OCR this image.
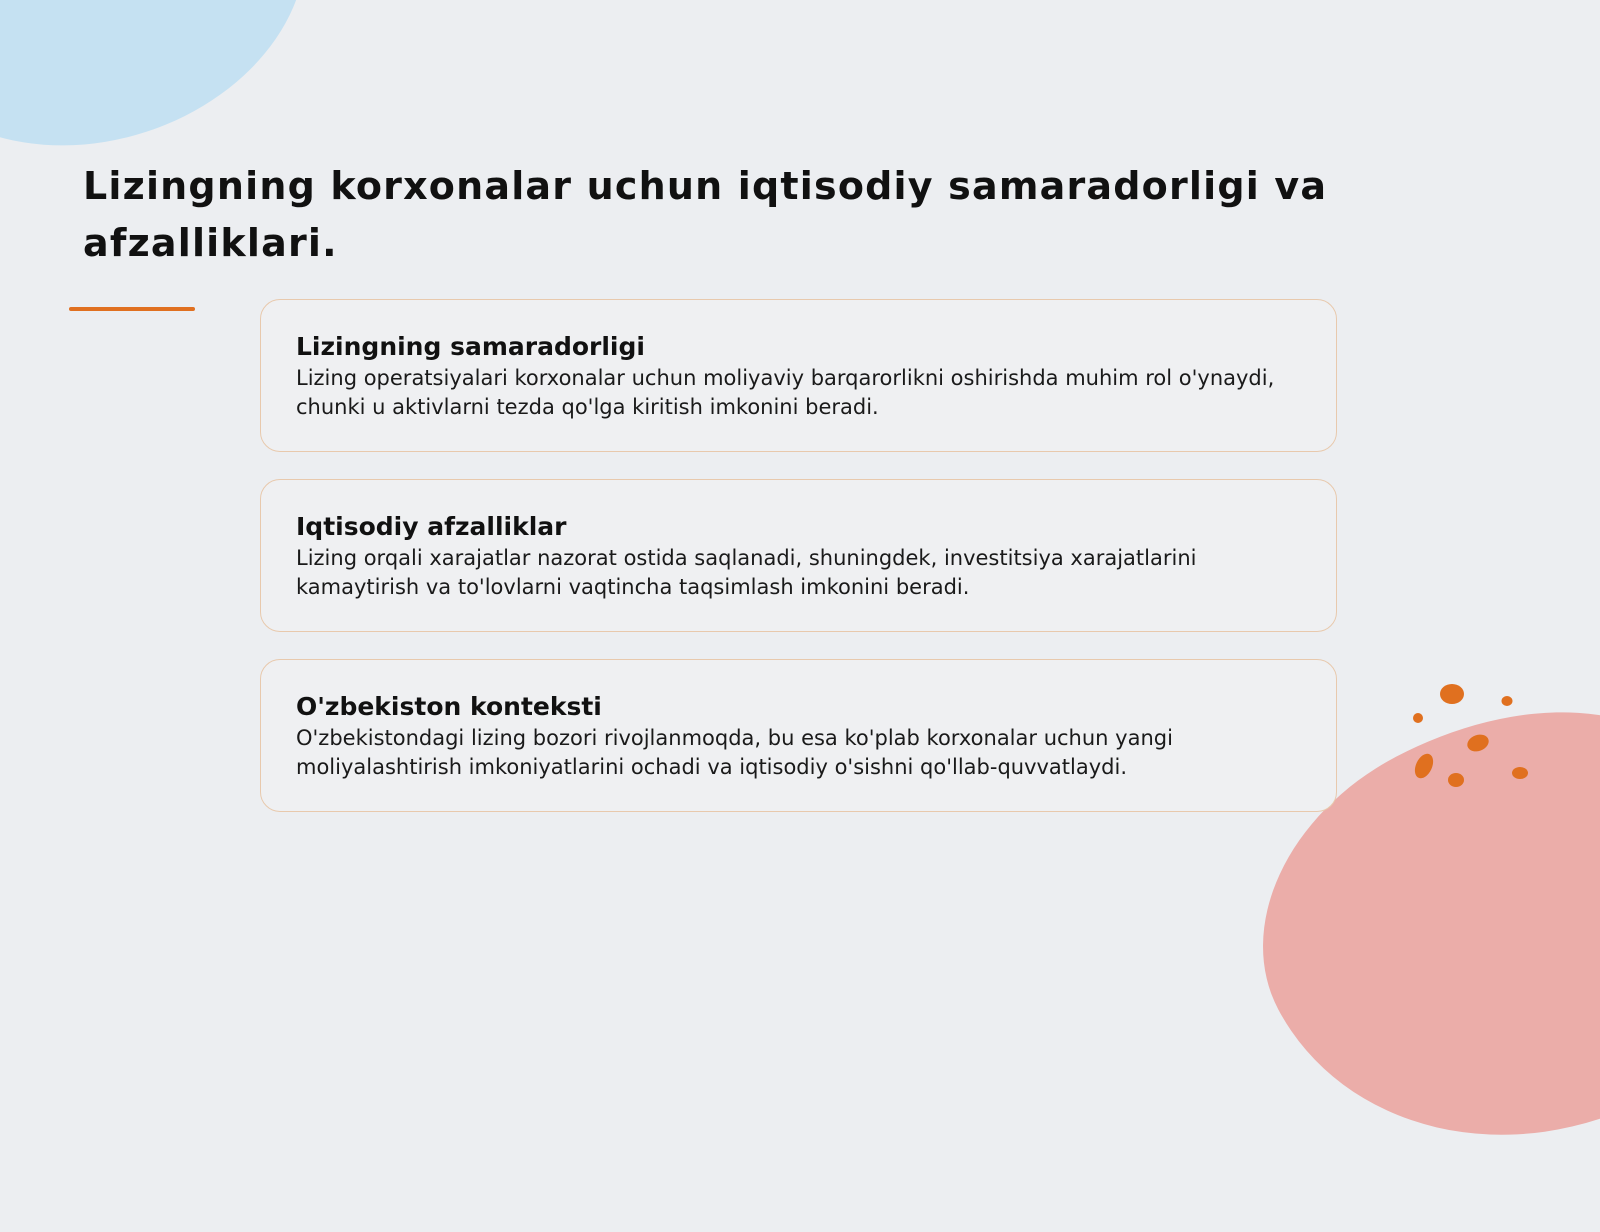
Lizingning korxonalar uchun iqtisodiy samaradorligi va afzalliklari.

Lizingning samaradorligi

Lizing operatsiyalari korxonalar uchun moliyaviy barqarorlikni oshirishda muhim rol o'ynaydi, chunki u aktivlarni tezda qo'lga kiritish imkonini beradi.

Iqtisodiy afzalliklar

Lizing orqali xarajatlar nazorat ostida saqlanadi, shuningdek, investitsiya xarajatlarini kamaytirish va to'lovlarni vaqtincha taqsimlash imkonini beradi.

O'zbekiston konteksti

O'zbekistondagi lizing bozori rivojlanmoqda, bu esa ko'plab korxonalar uchun yangi moliyalashtirish imkoniyatlarini ochadi va iqtisodiy o'sishni qo'llab-quvvatlaydi.
